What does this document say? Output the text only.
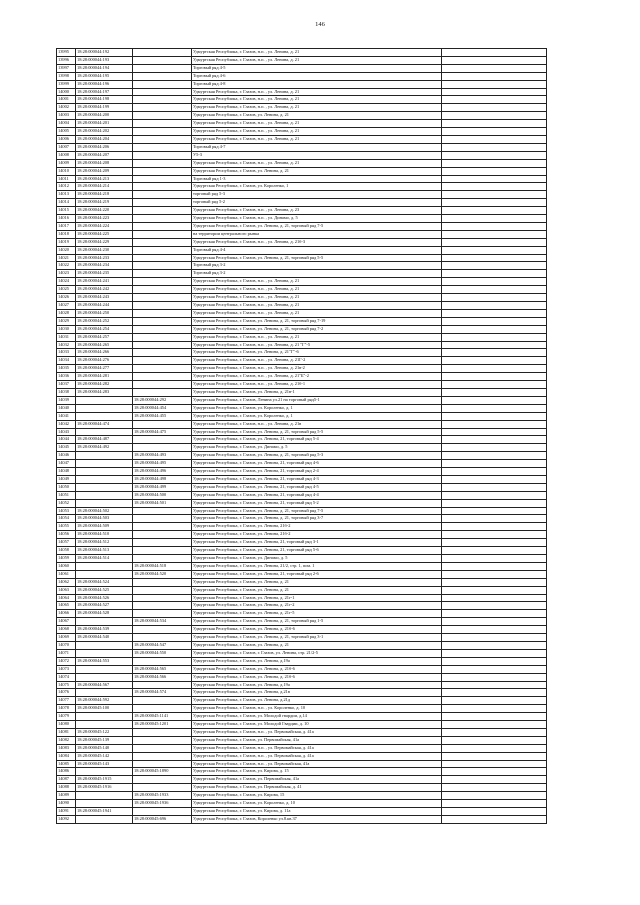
146
13995	18:28:000044:192		Удмуртская Республика, г. Глазов, н.п. , ул. Ленина, д. 21	
13996	18:28:000044:193		Удмуртская Республика, г. Глазов, н.п. , ул. Ленина, д. 21	
13997	18:28:000044:194		Торговый ряд 4-5	
13998	18:28:000044:195		Торговый ряд 4-6	
13999	18:28:000044:196		Торговый ряд 4-8	
14000	18:28:000044:197		Удмуртская Республика, г. Глазов, н.п. , ул. Ленина, д. 21	
14001	18:28:000044:198		Удмуртская Республика, г. Глазов, н.п. , ул. Ленина, д. 21	
14002	18:28:000044:199		Удмуртская Республика, г. Глазов, н.п. , ул. Ленина, д. 21	
14003	18:28:000044:200		Удмуртская Республика, г. Глазов, ул. Ленина, д. 21	
14004	18:28:000044:201		Удмуртская Республика, г. Глазов, н.п. , ул. Ленина, д. 21	
14005	18:28:000044:202		Удмуртская Республика, г. Глазов, н.п. , ул. Ленина, д. 21	
14006	18:28:000044:204		Удмуртская Республика, г. Глазов, н.п. , ул. Ленина, д. 21	
14007	18:28:000044:206		Торговый ряд 4-7	
14008	18:28:000044:207		У5-3	
14009	18:28:000044:208		Удмуртская Республика, г. Глазов, н.п. , ул. Ленина, д. 21	
14010	18:28:000044:209		Удмуртская Республика, г. Глазов, ул. Ленина, д. 21	
14011	18:28:000044:213		Торговый ряд 1-3	
14012	18:28:000044:214		Удмуртская Республика, г. Глазов, ул. Короленко, 1	
14013	18:28:000044:218		торговый ряд 5-3	
14014	18:28:000044:219		торговый ряд 5-2	
14015	18:28:000044:220		Удмуртская Республика, г. Глазов, н.п. , ул. Ленина, д. 23	
14016	18:28:000044:223		Удмуртская Республика, г. Глазов, н.п. , ул. Динамо, д. 5	
14017	18:28:000044:224		Удмуртская Республика, г. Глазов, ул. Ленина, д. 21, торговый ряд 7-5	
14018	18:28:000044:225		на территории центрального рынка	
14019	18:28:000044:229		Удмуртская Республика, г. Глазов, н.п. , ул. Ленина, д. 21б-3	
14020	18:28:000044:230		Торговый ряд 4-4	
14021	18:28:000044:233		Удмуртская Республика, г. Глазов, ул. Ленина, д. 21, торговый ряд 5-5	
14022	18:28:000044:234		Торговый ряд 3-2	
14023	18:28:000044:235		Торговый ряд 3-2	
14024	18:28:000044:241		Удмуртская Республика, г. Глазов, н.п. , ул. Ленина, д. 21	
14025	18:28:000044:242		Удмуртская Республика, г. Глазов, н.п. , ул. Ленина, д. 21	
14026	18:28:000044:243		Удмуртская Республика, г. Глазов, н.п. , ул. Ленина, д. 21	
14027	18:28:000044:244		Удмуртская Республика, г. Глазов, н.п. , ул. Ленина, д. 21	
14028	18:28:000044:250		Удмуртская Республика, г. Глазов, н.п. , ул. Ленина, д. 21	
14029	18:28:000044:252		Удмуртская Республика, г. Глазов, ул. Ленина, д. 21, торговый ряд 7-19	
14030	18:28:000044:254		Удмуртская Республика, г. Глазов, ул. Ленина, д. 21, торговый ряд 7-2	
14031	18:28:000044:257		Удмуртская Республика, г. Глазов, н.п. , ул. Ленина, д. 21	
14032	18:28:000044:265		Удмуртская Республика, г. Глазов, н.п. , ул. Ленина, д. 21 "Г"-5	
14033	18:28:000044:266		Удмуртская Республика, г. Глазов, ул. Ленина, д. 21"Г"-6	
14034	18:28:000044:276		Удмуртская Республика, г. Глазов, н.п. , ул. Ленина, д. 21Г-2	
14035	18:28:000044:277		Удмуртская Республика, г. Глазов, н.п. , ул. Ленина, д. 21в-2	
14036	18:28:000044:281		Удмуртская Республика, г. Глазов, н.п. , ул. Ленина, д. 21"Б"-2	
14037	18:28:000044:282		Удмуртская Республика, г. Глазов, н.п. , ул. Ленина, д. 21б-1	
14038	18:28:000044:283		Удмуртская Республика, г. Глазов, ул. Ленина, д. 21в-1	
14039		18:28:000044:292	Удмуртская Республика, г. Глазов, Ленина ул.21 на торговый ряд5-1	
14040		18:28:000044:454	Удмуртская Республика, г. Глазов, ул. Короленко, д. 1	
14041		18:28:000044:455	Удмуртская Республика, г. Глазов, ул. Короленко, д. 1	
14042	18:28:000044:474		Удмуртская Республика, г. Глазов, н.п. , ул. Ленина, д. 21в	
14043		18:28:000044:475	Удмуртская Республика, г. Глазов, ул. Ленина, д. 21, торговый ряд 5-5	
14044	18:28:000044:487		Удмуртская Республика, г. Глазов, ул. Ленина, 21, торговый ряд 5-4	
14045	18:28:000044:492		Удмуртская Республика, г. Глазов, ул. Динамо, д. 5	
14046		18:28:000044:493	Удмуртская Республика, г. Глазов, ул. Ленина, д. 21, торговый ряд 5-3	
14047		18:28:000044:495	Удмуртская Республика, г. Глазов, ул. Ленина, 21, торговый ряд 4-6	
14048		18:28:000044:496	Удмуртская Республика, г. Глазов, ул. Ленина, 21, торговый ряд 2-4	
14049		18:28:000044:498	Удмуртская Республика, г. Глазов, ул. Ленина, 21, торговый ряд 4-3	
14050		18:28:000044:499	Удмуртская Республика, г. Глазов, ул. Ленина, 21, торговый ряд 4-5	
14051		18:28:000044:500	Удмуртская Республика, г. Глазов, ул. Ленина, 21, торговый ряд 4-4	
14052		18:28:000044:501	Удмуртская Республика, г. Глазов, ул. Ленина, 21, торговый ряд 5-2	
14053	18:28:000044:502		Удмуртская Республика, г. Глазов, ул. Ленина, д. 21, торговый ряд 7-5	
14054	18:28:000044:503		Удмуртская Республика, г. Глазов, ул. Ленина, д. 21, торговый ряд 3-7	
14055	18:28:000044:509		Удмуртская Республика, г. Глазов, ул. Ленина, 21б-2	
14056	18:28:000044:510		Удмуртская Республика, г. Глазов, ул. Ленина, 21б-2	
14057	18:28:000044:512		Удмуртская Республика, г. Глазов, ул. Ленина, 21, торговый ряд 3-1	
14058	18:28:000044:513		Удмуртская Республика, г. Глазов, ул. Ленина, 21, торговый ряд 5-6	
14059	18:28:000044:514		Удмуртская Республика, г. Глазов, ул. Динамо, д. 5	
14060		18:28:000044:518	Удмуртская Республика, г. Глазов, ул. Ленина, 21/2, стр. 1, пом. 1	
14061		18:28:000044:520	Удмуртская Республика, г. Глазов, ул. Ленина, 21, торговый ряд 2-6	
14062	18:28:000044:524		Удмуртская Республика, г. Глазов, ул. Ленина, д. 21	
14063	18:28:000044:525		Удмуртская Республика, г. Глазов, ул. Ленина, д. 21	
14064	18:28:000044:526		Удмуртская Республика, г. Глазов, ул. Ленина, д. 21г-1	
14065	18:28:000044:527		Удмуртская Республика, г. Глазов, ул. Ленина, д. 21г-2	
14066	18:28:000044:528		Удмуртская Республика, г. Глазов, ул. Ленина, д. 21г-5	
14067		18:28:000044:534	Удмуртская Республика, г. Глазов, ул. Ленина, д. 21, торговый ряд 1-5	
14068	18:28:000044:539		Удмуртская Республика, г. Глазов, ул. Ленина, д. 21б-6	
14069	18:28:000044:540		Удмуртская Республика, г. Глазов, ул. Ленина, д. 21, торговый ряд 3-1	
14070		18:28:000044:547	Удмуртская Республика, г. Глазов, ул. Ленина, д. 21	
14071		18:28:000044:550	Удмуртская Республика, г. Глазов, г. Глазов, ул. Ленина, стр. 21/2-5	
14072	18:28:000044:553		Удмуртская Республика, г. Глазов, ул. Ленина, д.19а	
14073		18:28:000044:565	Удмуртская Республика, г. Глазов, ул. Ленина, д. 21б-6	
14074		18:28:000044:566	Удмуртская Республика, г. Глазов, ул. Ленина, д. 21б-6	
14075	18:28:000044:567		Удмуртская Республика, г. Глазов, ул. Ленина, д.19а	
14076		18:28:000044:574	Удмуртская Республика, г. Глазов, ул. Ленина, д.21в	
14077	18:28:000044:592		Удмуртская Республика, г. Глазов, ул. Ленина, д.21д	
14078	18:28:000045:100		Удмуртская Республика, г. Глазов, н.п. , ул. Короленко, д. 10	
14079		18:28:000045:1141	Удмуртская Республика, г. Глазов, ул. Молодой гвардии, д.14	
14080		18:28:000045:1201	Удмуртская Республика, г. Глазов, ул. Молодой Гвардии, д. 10	
14081	18:28:000045:122		Удмуртская Республика, г. Глазов, н.п. , ул. Первомайская, д. 41а	
14082	18:28:000045:139		Удмуртская Республика, г. Глазов, ул. Первомайская, 41а	
14083	18:28:000045:140		Удмуртская Республика, г. Глазов, н.п. , ул. Первомайская, д. 41а	
14084	18:28:000045:142		Удмуртская Республика, г. Глазов, н.п. , ул. Первомайская, д. 41а	
14085	18:28:000045:143		Удмуртская Республика, г. Глазов, н.п. , ул. Первомайская, 41а	
14086		18:28:000045:1890	Удмуртская Республика, г. Глазов, ул. Кирова, д. 15	
14087	18:28:000045:1915		Удмуртская Республика, г. Глазов, ул. Первомайская, 41а	
14088	18:28:000045:1916		Удмуртская Республика, г. Глазов, ул. Первомайская, д. 41	
14089		18:28:000045:1933	Удмуртская Республика, г. Глазов, ул. Кирова, 15	
14090		18:28:000045:1936	Удмуртская Республика, г. Глазов, ул. Короленко, д. 10	
14091	18:28:000045:1941		Удмуртская Республика, г. Глазов, ул. Кирова, д. 11а	
14092		18:28:000045:696	Удмуртская Республика, г. Глазов, Короленко ул.8.кв.37	
